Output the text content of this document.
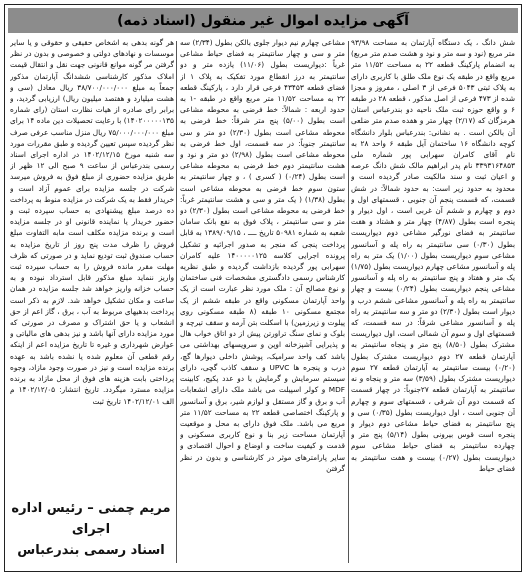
آگهی مزایده اموال غیر منقول (اسناد ذمه)

شش دانگ ، یک دستگاه آپارتمان به مساحت ۹۳/۹۸ متر مربع (نود و سه متر و نود و هشت صدم متر مربع) به انضمام پارکینگ قطعه ۲۲ به مساحت ۱۱/۵۲ متر مربع واقع در طبقه یک نوع ملک طلق با کاربری دارای به پلاک ثبتی ۵۰۴۳ فرعی از ۳ اصلی ، مفروز و مجزا شده از ۴۷۳ فرعی از اصل مذکور ، قطعه ۲۸ در طبقه ۶ و واقع حوزه ثبت ملک ناحیه دو بندرعباس استان هرمزگان که (۲/۱۷) چهار متر و هفده صدم متر ضلعی آن بالکن است . به نشانی: بندرعباس بلوار دانشگاه کوچه دانشگاه ۱۶ ساختمان آیل طبقه ۶ واحد ۲۸ به نام آقای کامران سهرابی پور شماره ملی ۳۳۹۳۱۶۴۸۵۳ نام پدر ابراهیم مالک شش دانگ عرصه و اعیان ثبت و سند مالکیت صادر گردیده است و محدود به حدود زیر است: به حدود شمالاً: در شش قسمت، که قسمت پنجم آن جنوبی ، قسمتهای اول و دوم و چهارم و ششم آن غربی است ، اول دیوار و پنجره است بطول (۴/۸۷) چهار متر و هشتاد و هفت سانتیمتر به فضای نورگیر مشاعی دوم دیواریست بطول (۰/۳۰) سی سانتیمتر به راه پله و آسانسور مشاعی سوم دیواریست بطول (۱/۰۰) یک متر به راه پله و آسانسور مشاعی چهارم دیواریست بطول (۱/۷۵) یک متر و هفتاد و پنج سانتیمتر به راه پله و آسانسور مشاعی پنجم دیواریست بطول (۰/۲۴) بیست و چهار سانتیمتر به راه پله و آسانسور مشاعی ششم درب و دیوار است بطول (۲/۳۰) دو متر و سه سانتیمتر به راه پله و آسانسور مشاعی شرقاً: در سه قسمت، که قسمتهای اول و سوم آن شمالی است، اول دیواریست مشترک بطول (۸/۵۰) پنج متر و پنجاه سانتیمتر به آپارتمان قطعه ۲۷ دوم دیواریست مشترک بطول (۰/۲۰) بیست سانتیمتر به آپارتمان قطعه ۲۷ سوم دیواریست مشترک بطول (۳/۵۹) سه متر و پنجاه و نه سانتیمتر به آپارتمان قطعه ۲۷جنوباً: در چهار قسمت که قسمت دوم آن شرقی ، قسمتهای سوم و چهارم آن جنوبی است ، اول دیواریست بطول (۰/۳۵) سی و پنج سانتیمتر به فضای حیاط مشاعی دوم دیوار و پنجره است قوس بیرونی بطول (۵/۱۴) پنج متر و چهارده سانتیمتر به فضای حیاط مشاعی سوم دیواریست بطول (۰/۲۷) بیست و هفت سانتیمتر به فضای حیاط

مشاعی چهارم نیم دیوار جلوی بالکن بطول (۲/۳۴) سه متر و سی و چهار سانتیمتر به فضای حیاط مشاعی غرباً :دیواریست بطول (۱۱/۰۶) یازده متر و دو سانتیمتر به درز انقطاع مورد تفکیک به پلاک ۱ از فضای قطعه ۴۳۴۵۳ فرعی قرار دارد ، پارکینگ قطعه ۲۲ به مساحت ۱۱/۵۲ متر مربع واقع در طبقه -۱ به حدود اربعه : شمالاً: خط فرضی به محوطه مشاعی است بطول (۵/۰۰) پنج متر شرقاً: خط فرضی به محوطه مشاعی است بطول (۲/۳۰) دو متر و سی سانتیمتر جنوباً: در سه قسمت، اول خط فرضی به محوطه مشاعی است بطول (۲/۹۸) دو متر و نود و هشت سانتیمتر دوم خط فرضی به محوطه مشاعی است بطول (۰/۲۴) ( کسری ) ، و چهار سانتیمتر به ستون سوم خط فرضی به محوطه مشاعی است بطول (۱/۳۸) ( یک متر و سی و هشت سانتیمتر غرباً: خط فرضی به محوطه مشاعی است بطول (۲/۳۰) دو متر و سی سانتیمتر ، پلاک فوق به نفع بانک سامان شعبه به شماره ۵۰۹۸۱ تاریخ ــــ ، ۱۳۸۹/۰۹/۱۵ به قابل پرداخت پنجی که منجر به صدور اجرائیه و تشکیل پرونده اجرایی کلاسه ۱۴۰۰۰۰۰۱۲۵ علیه کامران سهرابی پور گردیده بازداشت گردیده و طبق نظریه کارشناس رسمی دادگستری مشخصات فنی ساختمان و نوع مصالح آن : ملک مورد نظر عبارت است از یک واحد آپارتمان مسکونی واقع در طبقه ششم از یک مجتمع مسکونی ۱۰ طبقه (۸ طبقه مسکونی روی پیلوت و زیرزمین) با اسکلت بتن آرمه و سقف تیرچه و بلوک و نمای سنگ تراورتن پیش از دو اتاق خواب هال و پذیرایی آشپزخانه اوپن و سرویسهای بهداشتی می باشد کف واحد سرامیک، پوشش داخلی دیوارها گچ، درب و پنجره ها UPVC و سقف کاذب گچی، دارای سیستم سرمایش و گرمایش با دو عدد پکیج، کابینت MDF و کولر اسپیلت می باشد ملک دارای انشعابات آب و برق و گاز مستقل و لوازم شیر، برق و آسانسور و پارکینگ اختصاصی قطعه ۲۲ به مساحت ۱۱/۵۲ متر مربع می باشد. ملک فوق دارای به محل و موقعیت آپارتمان مساحت زیر بنا و نوع کاربری مسکونی و قدمت و کیفیت ساخت و اوضاع و احوال اقتصادی و سایر پارامترهای موثر در کارشناسی و بدون در نظر گرفتن

هر گونه بدهی به اشخاص حقیقی و حقوقی و یا سایر موسسات و نهادهای دولتی و خصوصی و بدون در نظر گرفتن مر گونه موانع قانونی جهت نقل و انتقال قیمت املاک مذکور کارشناسی ششدانگ آپارتمان مذکور جمعاً به مبلغ ۳۸/۷۰۰/۰۰۰/۰۰۰ ریال معادل (سی و هشت میلیارد و هفتصد میلیون ریال) ارزیابی گردید، و برابر رای صادره از هیات نظارت استان (رای شماره ۱۴۰۲۰۰۰۰۰۱۳۵) با رعایت تحصیلات دین ماده ۱۴ برای مبلغ ۷۵/۰۰۰/۰۰۰/۰۰۰ ریال منزل مناسب عرفی صرف نظر گردیده سپس تعیین گردیده و طبق مقررات مورد سه شنبه مورخ ۱۴۰۲/۱۲/۱۵ در اداره اجرای اسناد رسمی بندرعباس از ساعت ۹ صبح الی ۱۲ ظهر از طریق مزایده حضوری از مبلغ فوق به فروش میرسد شرکت در جلسه مزایده برای عموم آزاد است و خریدار فقط به یک شرکت در مزایده منوط به پرداخت ده درصد مبلغ پیشنهادی به حساب سپرده ثبت و حضور خریدار یا نماینده قانونی او در جلسه مزایده است و برنده مزایده مکلف است مابه التفاوت مبلغ فروش را ظرف مدت پنج روز از تاریخ مزایده به حساب صندوق ثبت تودیع نماید و در صورتی که ظرف مهلت مقرر مانده فروش را به حساب سپرده ثبت واریز ننماید مبلغ مذکور قابل استرداد نبوده و به حساب خزانه واریز خواهد شد جلسه مزایده در همان ساعت و مکان تشکیل خواهد شد. لازم به ذکر است پرداخت بدهیهای مربوط به آب ، برق ، گاز اعم از حق انشعاب و یا حق اشتراک و مصرف در صورتی که مورد مزایده دارای آنها باشد و نیز بدهی های مالیاتی و عوارض شهرداری و غیره تا تاریخ مزایده اعم از اینکه رقم قطعی آن معلوم شده یا نشده باشد به عهده برنده مزایده است و نیز در صورت وجود مازاد، وجوه پرداختی بابت هزینه های فوق از محل مازاد به برنده مزایده مسترد میگردد. تاریخ انتشار: ۱۴۰۲/۱۲/۰۵ م الف ۱۴۰۲/۱۲/۰۱ تاریخ ثبت

مریم چمنی – رئیس اداره اجرای
اسناد رسمی بندرعباس
